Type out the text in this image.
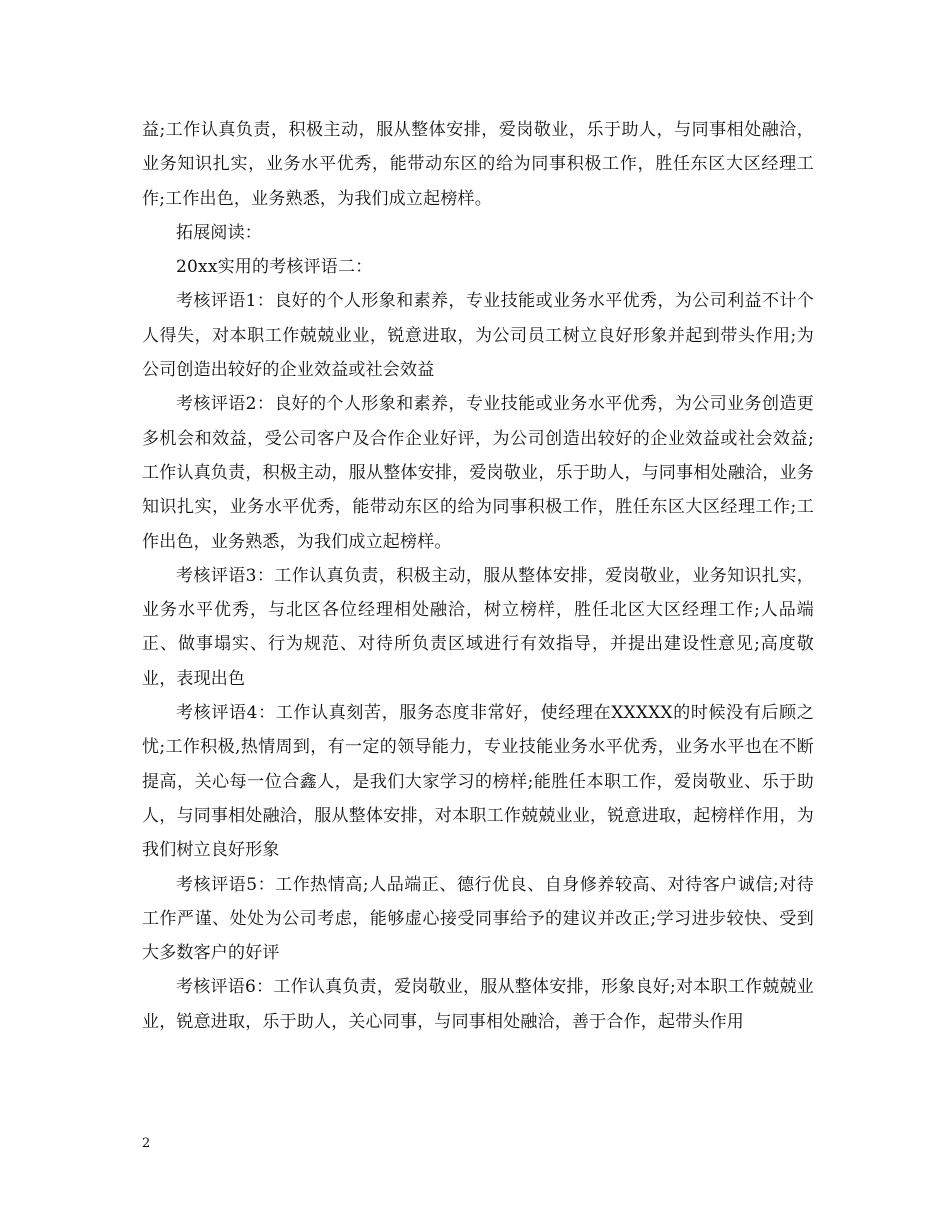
益;工作认真负责，积极主动，服从整体安排，爱岗敬业，乐于助人，与同事相处融洽，业务知识扎实，业务水平优秀，能带动东区的给为同事积极工作，胜任东区大区经理工作;工作出色，业务熟悉，为我们成立起榜样。

拓展阅读：

20xx实用的考核评语二：

考核评语1：良好的个人形象和素养，专业技能或业务水平优秀，为公司利益不计个人得失，对本职工作兢兢业业，锐意进取，为公司员工树立良好形象并起到带头作用;为公司创造出较好的企业效益或社会效益

考核评语2：良好的个人形象和素养，专业技能或业务水平优秀，为公司业务创造更多机会和效益，受公司客户及合作企业好评，为公司创造出较好的企业效益或社会效益;工作认真负责，积极主动，服从整体安排，爱岗敬业，乐于助人，与同事相处融洽，业务知识扎实，业务水平优秀，能带动东区的给为同事积极工作，胜任东区大区经理工作;工作出色，业务熟悉，为我们成立起榜样。

考核评语3：工作认真负责，积极主动，服从整体安排，爱岗敬业，业务知识扎实，业务水平优秀，与北区各位经理相处融洽，树立榜样，胜任北区大区经理工作;人品端正、做事塌实、行为规范、对待所负责区域进行有效指导，并提出建设性意见;高度敬业，表现出色

考核评语4：工作认真刻苦，服务态度非常好，使经理在XXXXX的时候没有后顾之忧;工作积极,热情周到，有一定的领导能力，专业技能业务水平优秀，业务水平也在不断提高，关心每一位合鑫人，是我们大家学习的榜样;能胜任本职工作，爱岗敬业、乐于助人，与同事相处融洽，服从整体安排，对本职工作兢兢业业，锐意进取，起榜样作用，为我们树立良好形象

考核评语5：工作热情高;人品端正、德行优良、自身修养较高、对待客户诚信;对待工作严谨、处处为公司考虑，能够虚心接受同事给予的建议并改正;学习进步较快、受到大多数客户的好评

考核评语6：工作认真负责，爱岗敬业，服从整体安排，形象良好;对本职工作兢兢业业，锐意进取，乐于助人，关心同事，与同事相处融洽，善于合作，起带头作用

2
